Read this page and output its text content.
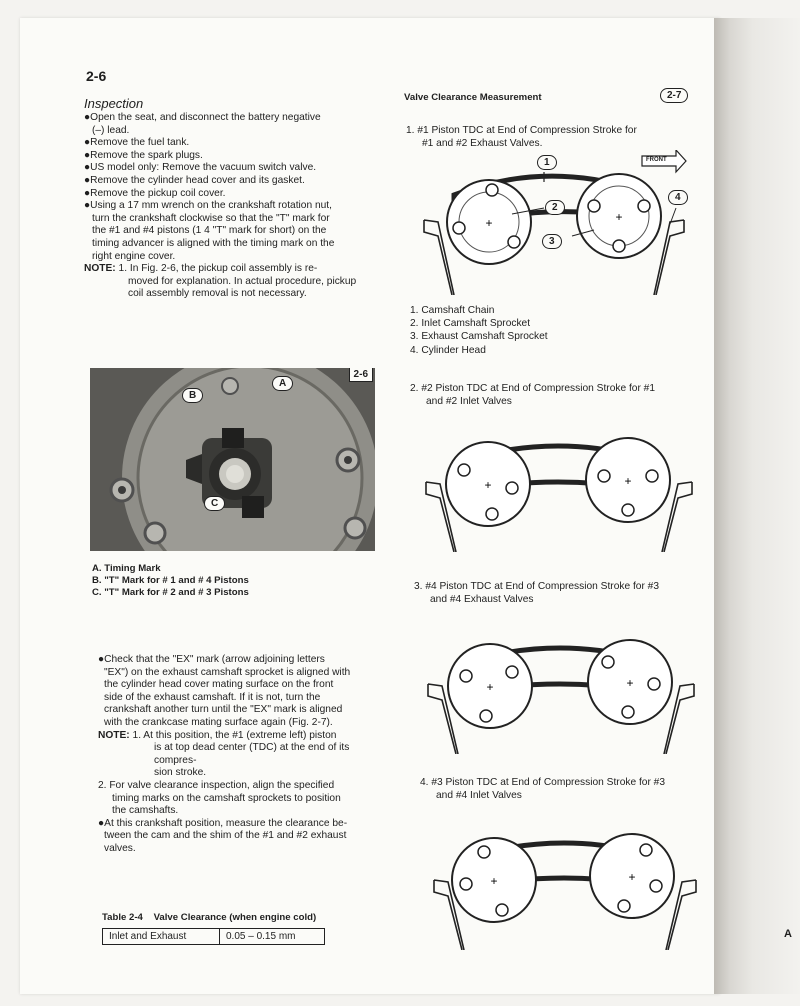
A
2-6
Inspection

●Open the seat, and disconnect the battery negative

(–) lead.

●Remove the fuel tank.

●Remove the spark plugs.

●US model only: Remove the vacuum switch valve.

●Remove the cylinder head cover and its gasket.

●Remove the pickup coil cover.

●Using a 17 mm wrench on the crankshaft rotation nut,

turn the crankshaft clockwise so that the "T" mark for

the #1 and #4 pistons (1 4 "T" mark for short) on the

timing advancer is aligned with the timing mark on the

right engine cover.

NOTE: 1. In Fig. 2-6, the pickup coil assembly is re-

moved for explanation. In actual procedure, pickup

coil assembly removal is not necessary.

2-6
B
A
C
A. Timing Mark
B. "T" Mark for # 1 and # 4 Pistons
C. "T" Mark for # 2 and # 3 Pistons

●Check that the "EX" mark (arrow adjoining letters

"EX") on the exhaust camshaft sprocket is aligned with

the cylinder head cover mating surface on the front

side of the exhaust camshaft. If it is not, turn the

crankshaft another turn until the "EX" mark is aligned

with the crankcase mating surface again (Fig. 2-7).

NOTE: 1. At this position, the #1 (extreme left) piston

is at top dead center (TDC) at the end of its compres-

sion stroke.

2. For valve clearance inspection, align the specified

timing marks on the camshaft sprockets to position

the camshafts.

●At this crankshaft position, measure the clearance be-

tween the cam and the shim of the #1 and #2 exhaust

valves.

Table 2-4 Valve Clearance (when engine cold)
Inlet and Exhaust	0.05 – 0.15 mm
Valve Clearance Measurement	2-7
1. #1 Piston TDC at End of Compression Stroke for
#1 and #2 Exhaust Valves.
+	+
1
2
3
4
FRONT
1. Camshaft Chain
2. Inlet Camshaft Sprocket
3. Exhaust Camshaft Sprocket
4. Cylinder Head
2. #2 Piston TDC at End of Compression Stroke for #1
and #2 Inlet Valves
+	+
3. #4 Piston TDC at End of Compression Stroke for #3
and #4 Exhaust Valves
+	+
4. #3 Piston TDC at End of Compression Stroke for #3
and #4 Inlet Valves
+	+
